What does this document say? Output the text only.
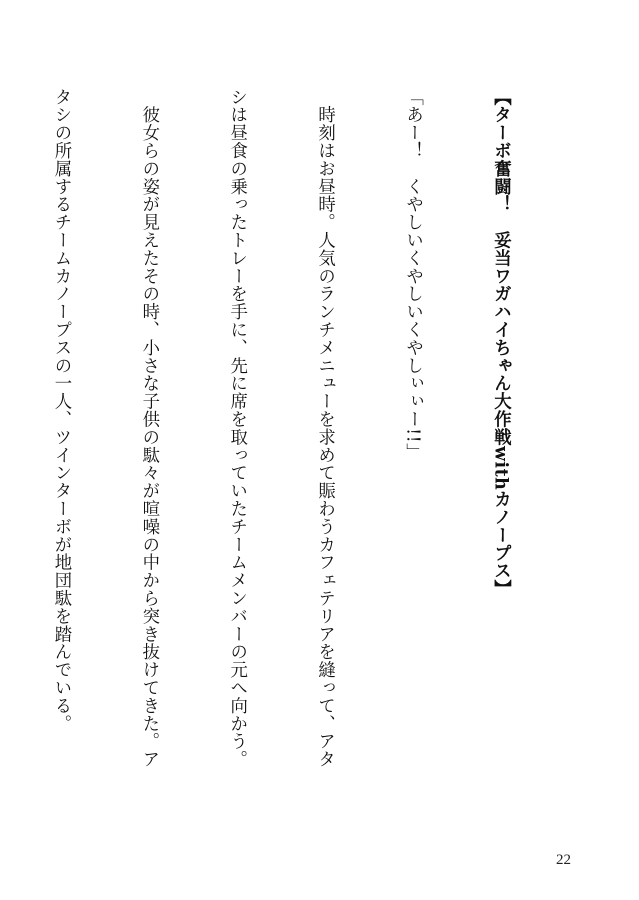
【ターボ奮闘！　妥当ワガハイちゃん大作戦withカノープス】

「あー！　くやしいくやしいくやしぃぃー!!」

　時刻はお昼時。人気のランチメニューを求めて賑わうカフェテリアを縫って、アタ

シは昼食の乗ったトレーを手に、先に席を取っていたチームメンバーの元へ向かう。

　彼女らの姿が見えたその時、小さな子供の駄々が喧噪の中から突き抜けてきた。ア

タシの所属するチームカノープスの一人、ツインターボが地団駄を踏んでいる。

22
